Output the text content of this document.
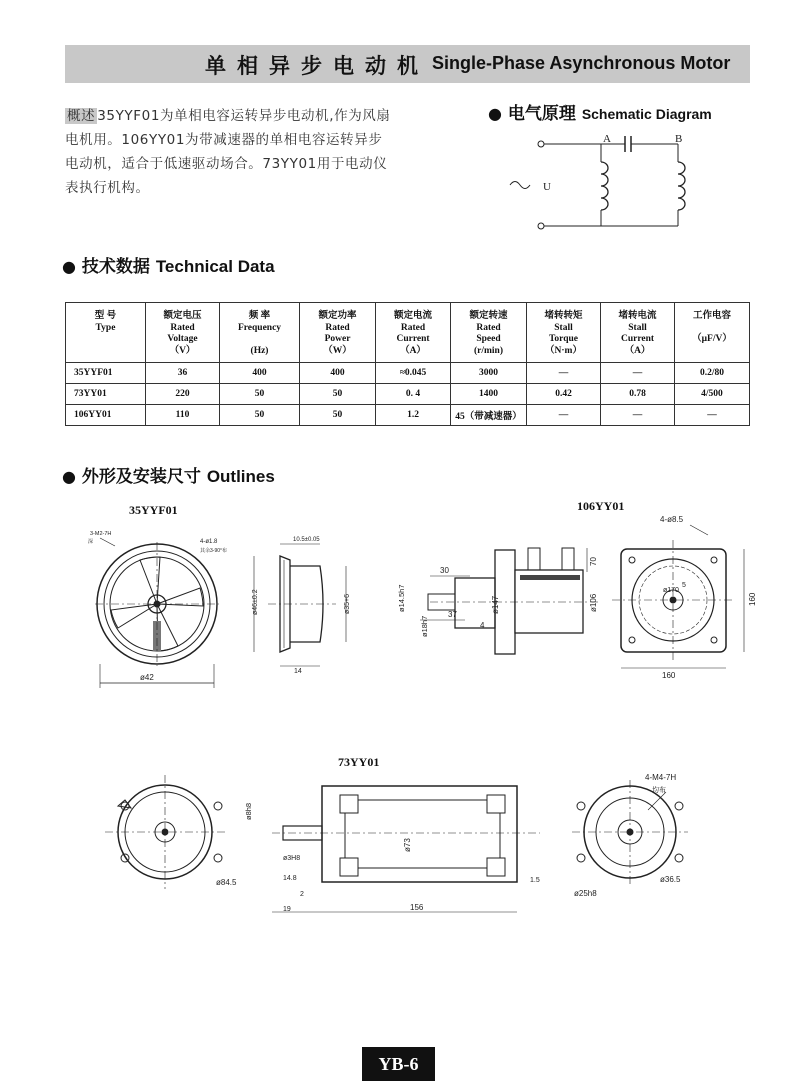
单相异步电动机 Single-Phase Asynchronous Motor
概述 35YYF01为单相电容运转异步电动机,作为风扇
电机用。106YY01为带减速器的单相电容运转异步
电动机，适合于低速驱动场合。73YY01用于电动仪
表执行机构。
● 电气原理 Schematic Diagram
● 技术数据 Technical Data
型 号
Type	额定电压
Rated
Voltage
（V）	频 率
Frequency

(Hz)	额定功率
Rated
Power
（W）	额定电流
Rated
Current
（A）	额定转速
Rated
Speed
(r/min)	堵转转矩
Stall
Torque
（N·m）	堵转电流
Stall
Current
（A）	工作电容

（μF/V）
35YYF01	36	400	400	≈0.045	3000	—	—	0.2/80
73YY01	220	50	50	0. 4	1400	0.42	0.78	4/500
106YY01	110	50	50	1.2	45（带减速器）	—	—	—
● 外形及安装尺寸 Outlines
35YYF01	106YY01
73YY01
U
A	B
ø42
3-M2-7H
深	4-ø1.8
其余3-90°布
ø46±0.2	ø35+6
10.5±0.05
14
30
37
4
ø14.5h7
ø18h7
ø147	ø106
70
4-ø8.5
ø170
5
160
160
ø84.5
ø8h8
ø3H8
14.8
2
19	156
ø73
1.5
4-M4-7H
均布
ø25h8
ø36.5
YB-6
